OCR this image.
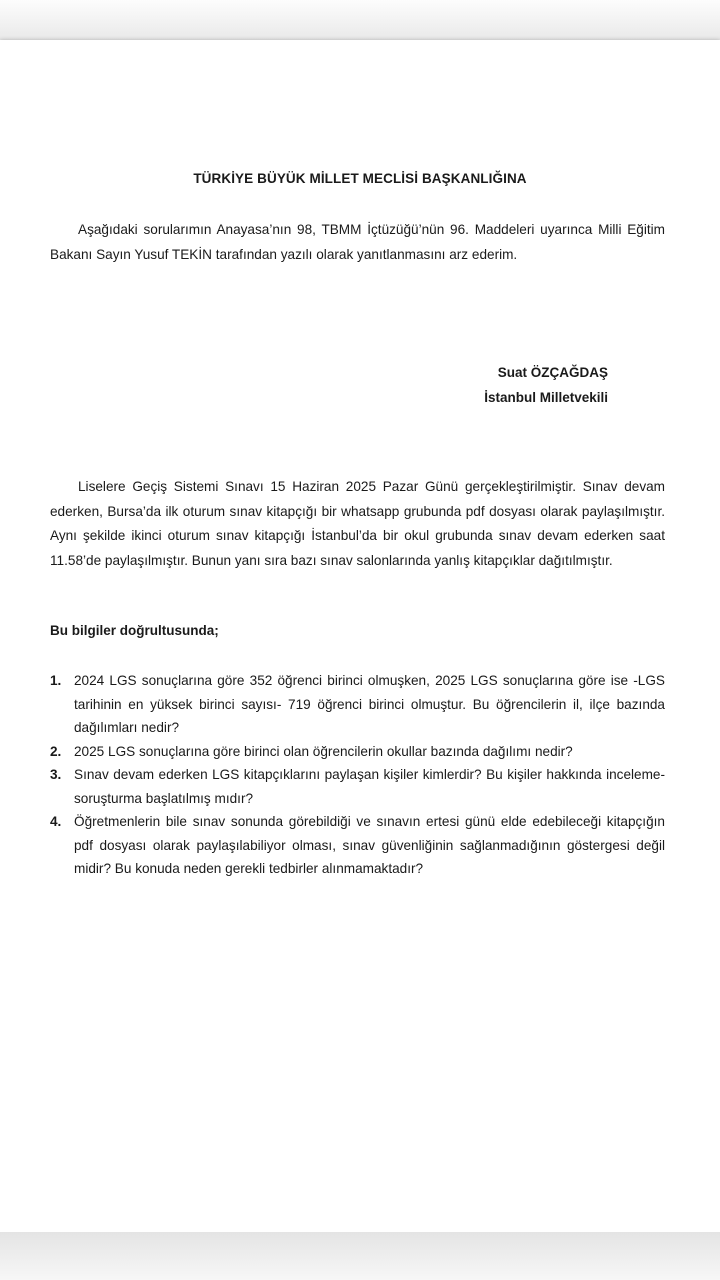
TÜRKİYE BÜYÜK MİLLET MECLİSİ BAŞKANLIĞINA

Aşağıdaki sorularımın Anayasa’nın 98, TBMM İçtüzüğü’nün 96. Maddeleri uyarınca Milli Eğitim Bakanı Sayın Yusuf TEKİN tarafından yazılı olarak yanıtlanmasını arz ederim.

Suat ÖZÇAĞDAŞ
İstanbul Milletvekili

Liselere Geçiş Sistemi Sınavı 15 Haziran 2025 Pazar Günü gerçekleştirilmiştir. Sınav devam ederken, Bursa’da ilk oturum sınav kitapçığı bir whatsapp grubunda pdf dosyası olarak paylaşılmıştır. Aynı şekilde ikinci oturum sınav kitapçığı İstanbul’da bir okul grubunda sınav devam ederken saat 11.58’de paylaşılmıştır. Bunun yanı sıra bazı sınav salonlarında yanlış kitapçıklar dağıtılmıştır.

Bu bilgiler doğrultusunda;
1. 2024 LGS sonuçlarına göre 352 öğrenci birinci olmuşken, 2025 LGS sonuçlarına göre ise -LGS tarihinin en yüksek birinci sayısı- 719 öğrenci birinci olmuştur. Bu öğrencilerin il, ilçe bazında dağılımları nedir?
2. 2025 LGS sonuçlarına göre birinci olan öğrencilerin okullar bazında dağılımı nedir?
3. Sınav devam ederken LGS kitapçıklarını paylaşan kişiler kimlerdir? Bu kişiler hakkında inceleme-soruşturma başlatılmış mıdır?
4. Öğretmenlerin bile sınav sonunda görebildiği ve sınavın ertesi günü elde edebileceği kitapçığın pdf dosyası olarak paylaşılabiliyor olması, sınav güvenliğinin sağlanmadığının göstergesi değil midir? Bu konuda neden gerekli tedbirler alınmamaktadır?
